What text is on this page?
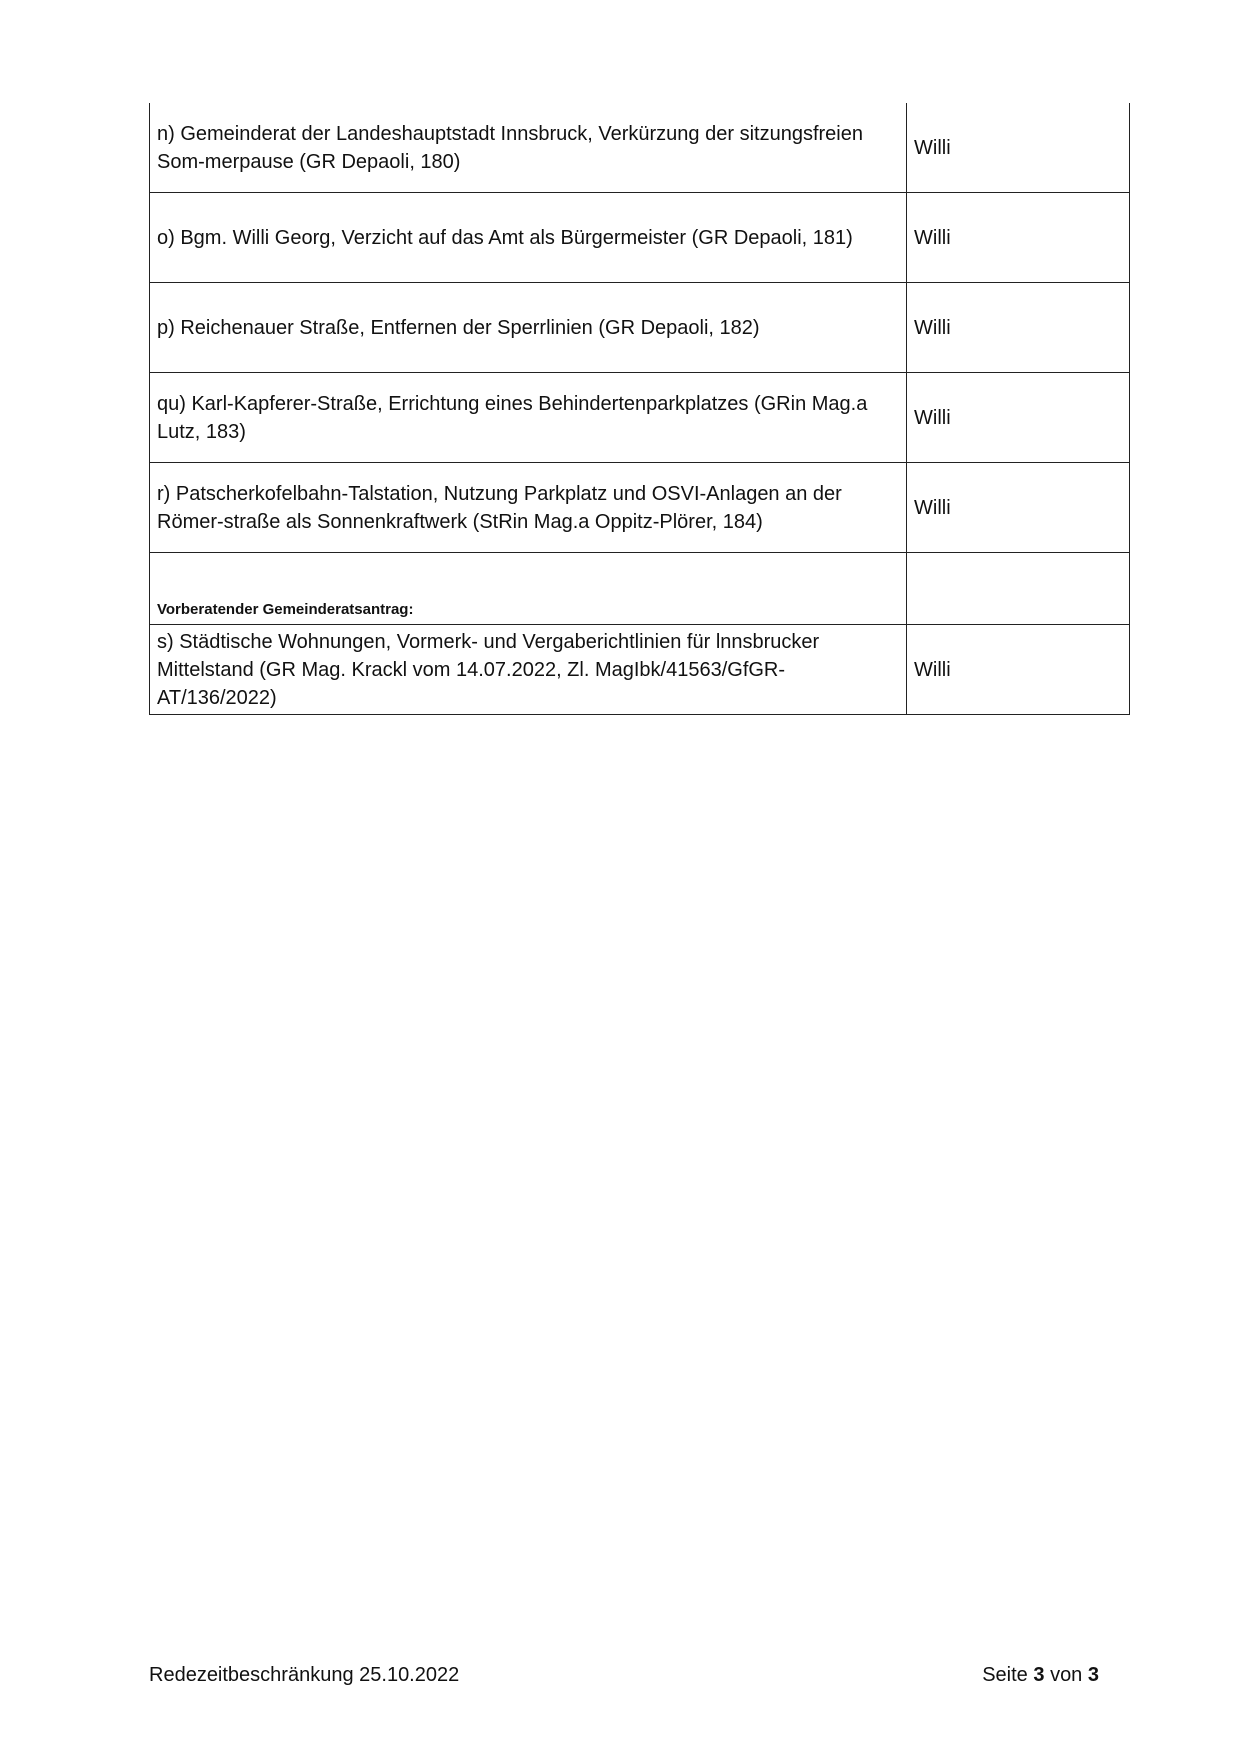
n) Gemeinderat der Landeshauptstadt Innsbruck, Verkürzung der sitzungsfreien Som-merpause (GR Depaoli, 180)	Willi
o) Bgm. Willi Georg, Verzicht auf das Amt als Bürgermeister (GR Depaoli, 181)	Willi
p) Reichenauer Straße, Entfernen der Sperrlinien (GR Depaoli, 182)	Willi
qu) Karl-Kapferer-Straße, Errichtung eines Behindertenparkplatzes (GRin Mag.a Lutz, 183)	Willi
r) Patscherkofelbahn-Talstation, Nutzung Parkplatz und OSVI-Anlagen an der Römer-straße als Sonnenkraftwerk (StRin Mag.a Oppitz-Plörer, 184)	Willi
Vorberatender Gemeinderatsantrag:	
s) Städtische Wohnungen, Vormerk- und Vergaberichtlinien für lnnsbrucker Mittelstand (GR Mag. Krackl vom 14.07.2022, Zl. MagIbk/41563/GfGR-AT/136/2022)	Willi
Redezeitbeschränkung 25.10.2022	Seite 3 von 3
